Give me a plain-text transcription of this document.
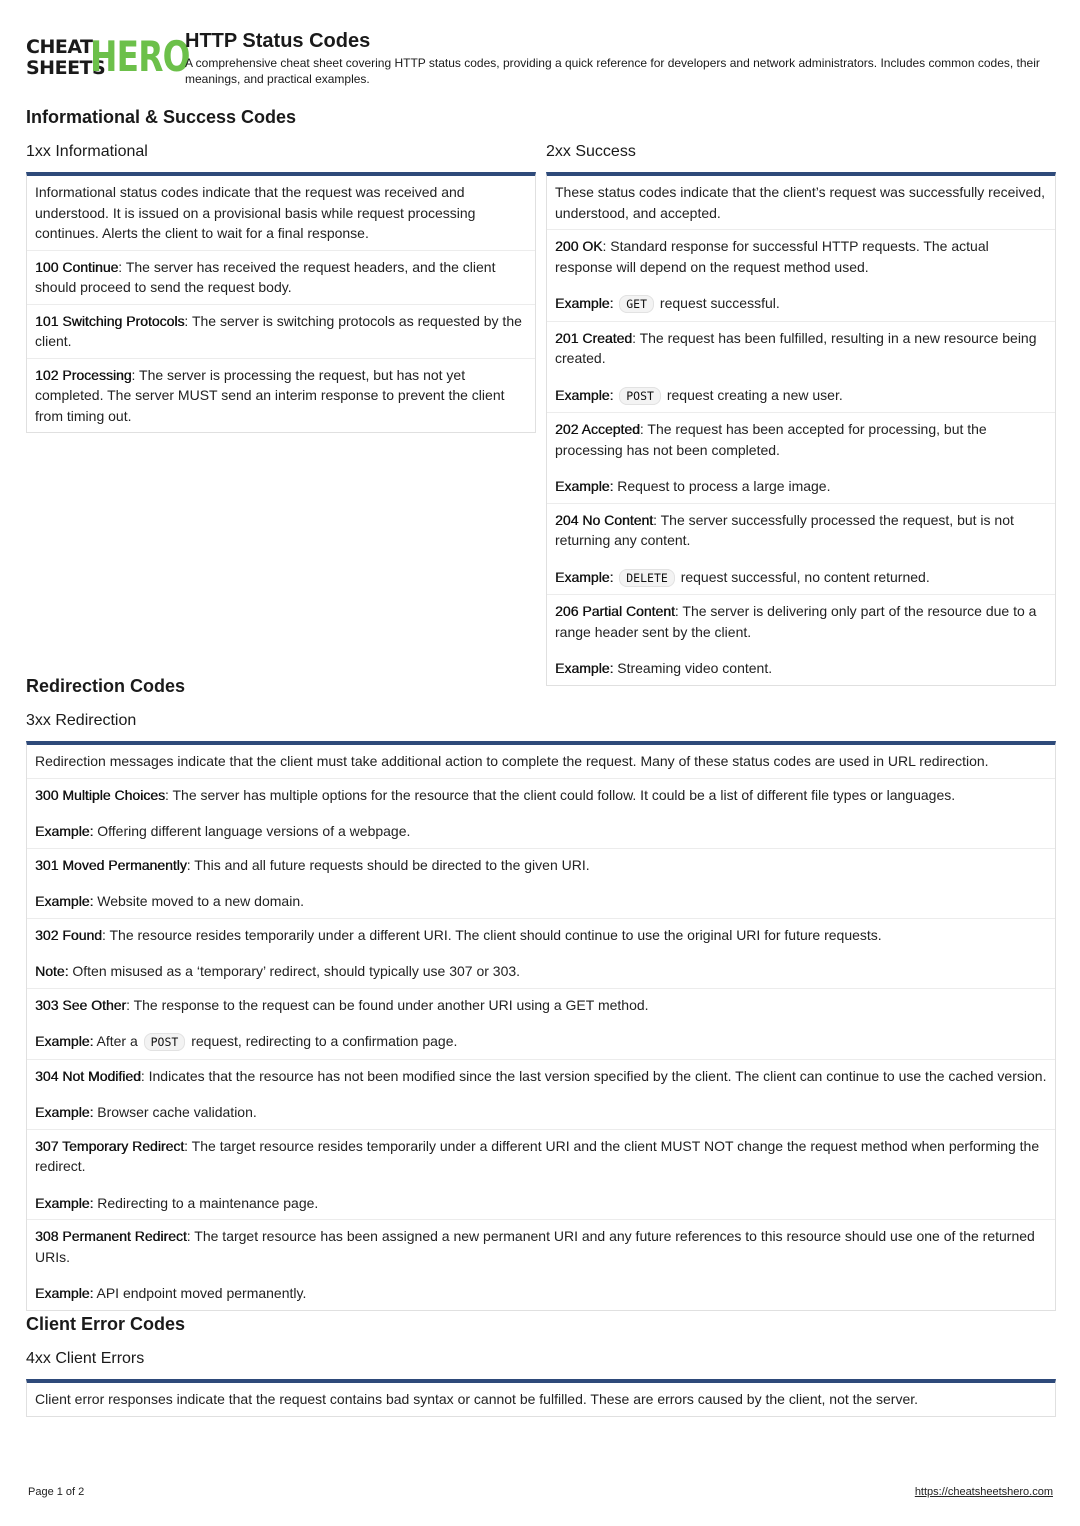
CHEAT
SHEETS
HERO
HTTP Status Codes
A comprehensive cheat sheet covering HTTP status codes, providing a quick reference for developers and network administrators. Includes common codes, their meanings, and practical examples.
Informational & Success Codes
1xx Informational
Informational status codes indicate that the request was received and understood. It is issued on a provisional basis while request processing continues. Alerts the client to wait for a final response.
100 Continue: The server has received the request headers, and the client should proceed to send the request body.
101 Switching Protocols: The server is switching protocols as requested by the client.
102 Processing: The server is processing the request, but has not yet completed. The server MUST send an interim response to prevent the client from timing out.
2xx Success
These status codes indicate that the client’s request was successfully received, understood, and accepted.
200 OK: Standard response for successful HTTP requests. The actual response will depend on the request method used.
Example: GET request successful.
201 Created: The request has been fulfilled, resulting in a new resource being created.
Example: POST request creating a new user.
202 Accepted: The request has been accepted for processing, but the processing has not been completed.
Example: Request to process a large image.
204 No Content: The server successfully processed the request, but is not returning any content.
Example: DELETE request successful, no content returned.
206 Partial Content: The server is delivering only part of the resource due to a range header sent by the client.
Example: Streaming video content.
Redirection Codes
3xx Redirection
Redirection messages indicate that the client must take additional action to complete the request. Many of these status codes are used in URL redirection.
300 Multiple Choices: The server has multiple options for the resource that the client could follow. It could be a list of different file types or languages.
Example: Offering different language versions of a webpage.
301 Moved Permanently: This and all future requests should be directed to the given URI.
Example: Website moved to a new domain.
302 Found: The resource resides temporarily under a different URI. The client should continue to use the original URI for future requests.
Note: Often misused as a ‘temporary’ redirect, should typically use 307 or 303.
303 See Other: The response to the request can be found under another URI using a GET method.
Example: After a POST request, redirecting to a confirmation page.
304 Not Modified: Indicates that the resource has not been modified since the last version specified by the client. The client can continue to use the cached version.
Example: Browser cache validation.
307 Temporary Redirect: The target resource resides temporarily under a different URI and the client MUST NOT change the request method when performing the redirect.
Example: Redirecting to a maintenance page.
308 Permanent Redirect: The target resource has been assigned a new permanent URI and any future references to this resource should use one of the returned URIs.
Example: API endpoint moved permanently.
Client Error Codes
4xx Client Errors
Client error responses indicate that the request contains bad syntax or cannot be fulfilled. These are errors caused by the client, not the server.
Page 1 of 2	https://cheatsheetshero.com
